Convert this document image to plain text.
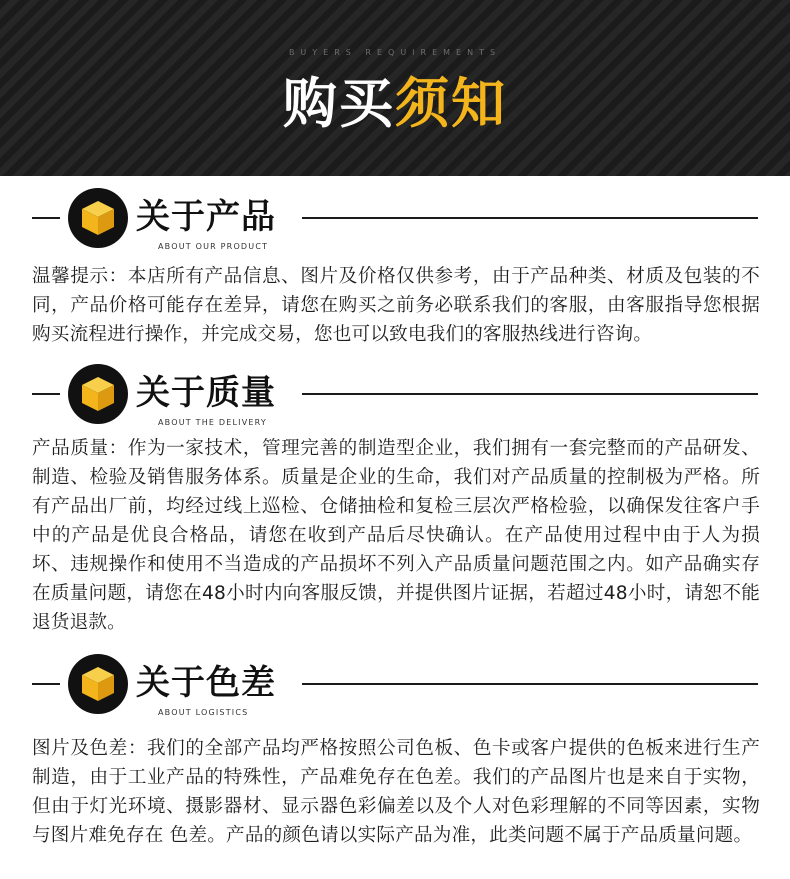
BUYERS REQUIREMENTS
购买须知
关于产品
ABOUT OUR PRODUCT
温馨提示：本店所有产品信息、图片及价格仅供参考，由于产品种类、材质及包装的不同，产品价格可能存在差异，请您在购买之前务必联系我们的客服，由客服指导您根据购买流程进行操作，并完成交易，您也可以致电我们的客服热线进行咨询。
关于质量
ABOUT THE DELIVERY
产品质量：作为一家技术，管理完善的制造型企业，我们拥有一套完整而的产品研发、制造、检验及销售服务体系。质量是企业的生命，我们对产品质量的控制极为严格。所有产品出厂前，均经过线上巡检、仓储抽检和复检三层次严格检验，以确保发往客户手中的产品是优良合格品，请您在收到产品后尽快确认。在产品使用过程中由于人为损坏、违规操作和使用不当造成的产品损坏不列入产品质量问题范围之内。如产品确实存在质量问题，请您在48小时内向客服反馈，并提供图片证据，若超过48小时，请恕不能退货退款。
关于色差
ABOUT LOGISTICS
图片及色差：我们的全部产品均严格按照公司色板、色卡或客户提供的色板来进行生产制造，由于工业产品的特殊性，产品难免存在色差。我们的产品图片也是来自于实物，但由于灯光环境、摄影器材、显示器色彩偏差以及个人对色彩理解的不同等因素，实物与图片难免存在 色差。产品的颜色请以实际产品为准，此类问题不属于产品质量问题。
